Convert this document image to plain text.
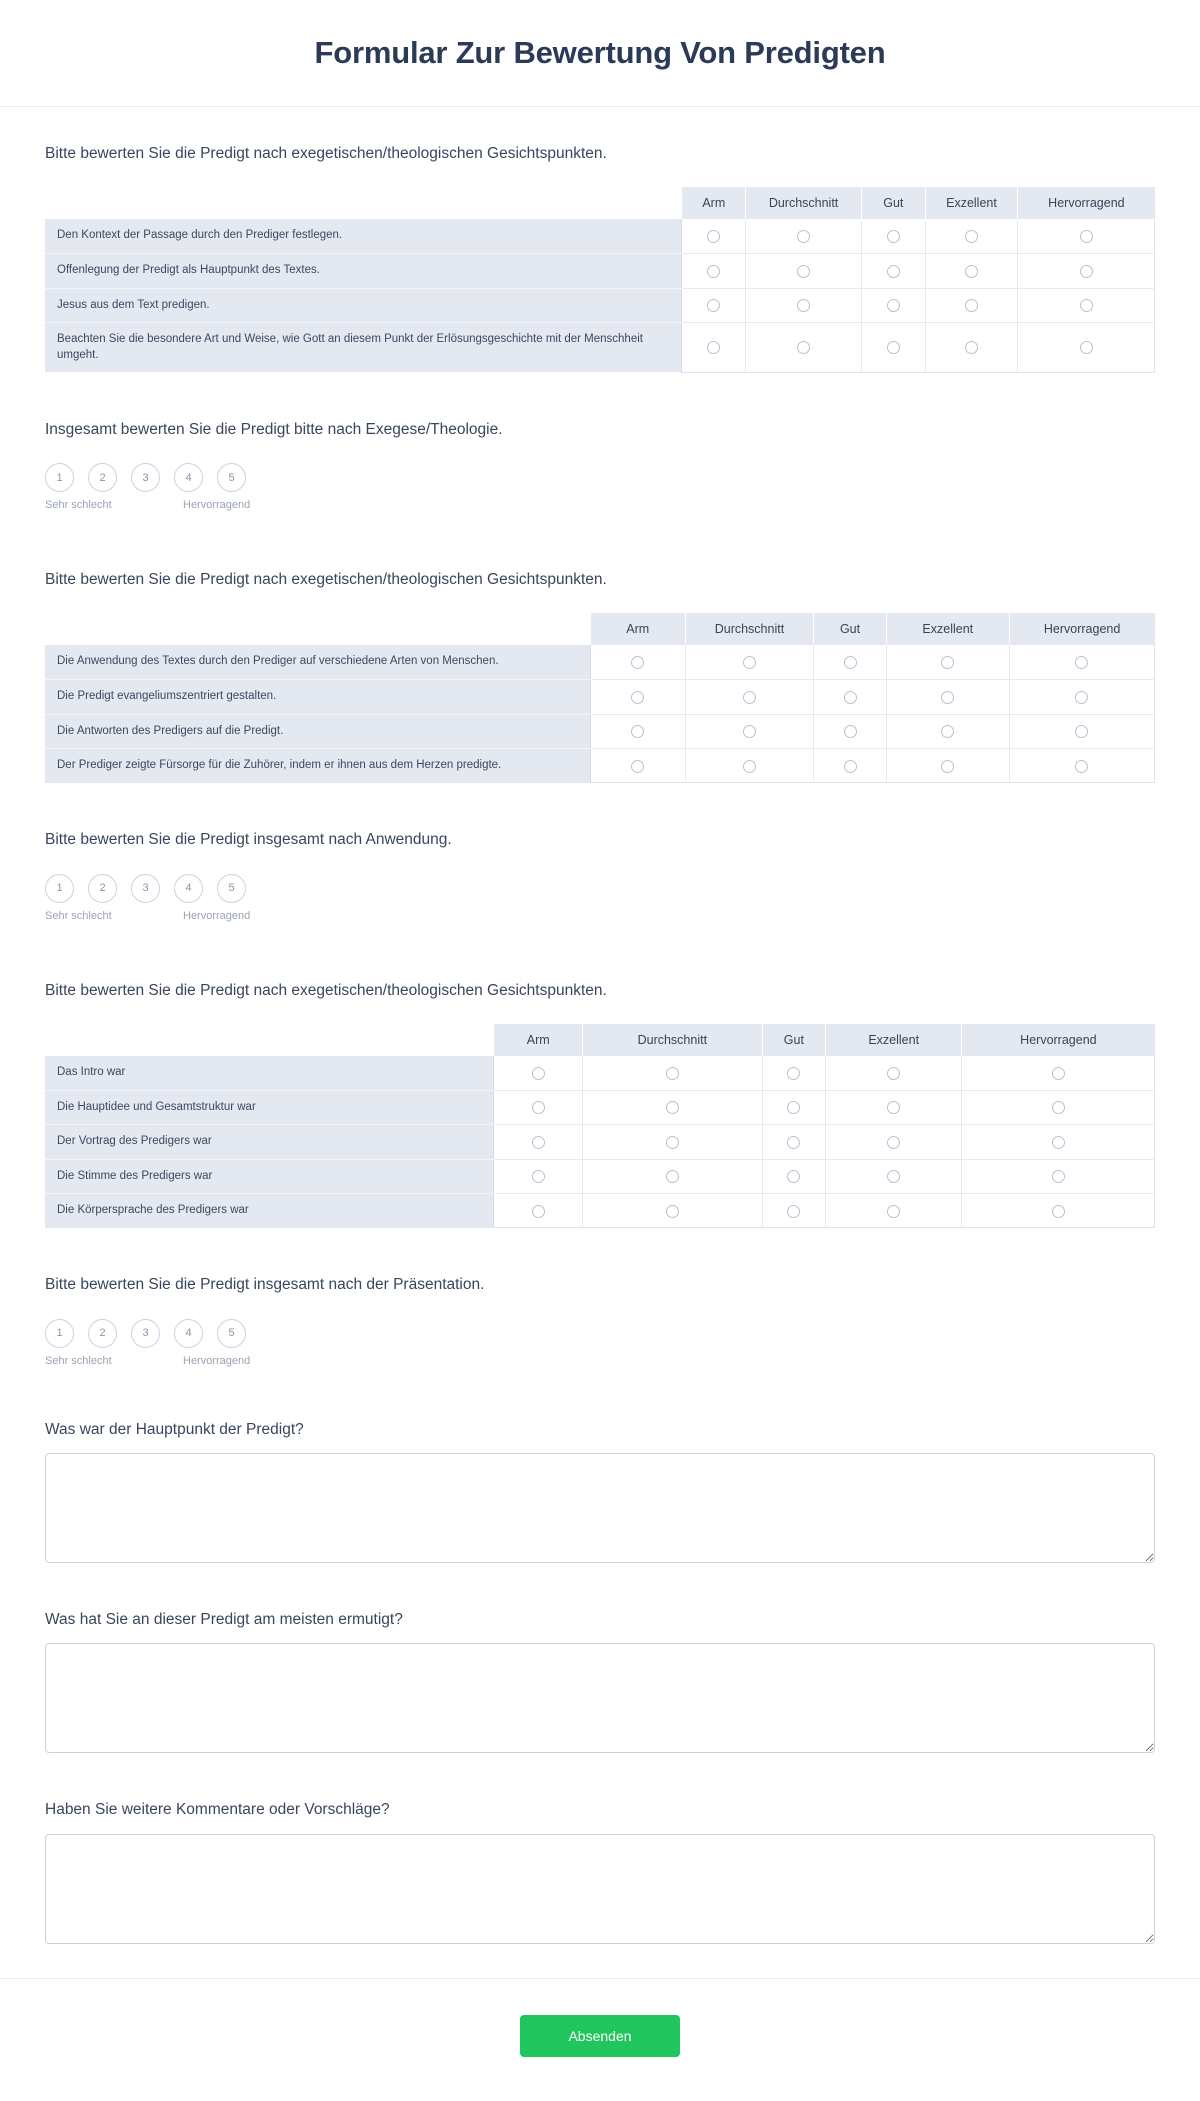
Formular Zur Bewertung Von Predigten

Bitte bewerten Sie die Predigt nach exegetischen/theologischen Gesichtspunkten.

	Arm	Durchschnitt	Gut	Exzellent	Hervorragend
Den Kontext der Passage durch den Prediger festlegen.					
Offenlegung der Predigt als Hauptpunkt des Textes.					
Jesus aus dem Text predigen.					
Beachten Sie die besondere Art und Weise, wie Gott an diesem Punkt der Erlösungsgeschichte mit der Menschheit umgeht.					

Insgesamt bewerten Sie die Predigt bitte nach Exegese/Theologie.

1	2	3	4	5
Sehr schlecht	Hervorragend

Bitte bewerten Sie die Predigt nach exegetischen/theologischen Gesichtspunkten.

	Arm	Durchschnitt	Gut	Exzellent	Hervorragend
Die Anwendung des Textes durch den Prediger auf verschiedene Arten von Menschen.					
Die Predigt evangeliumszentriert gestalten.					
Die Antworten des Predigers auf die Predigt.					
Der Prediger zeigte Fürsorge für die Zuhörer, indem er ihnen aus dem Herzen predigte.					

Bitte bewerten Sie die Predigt insgesamt nach Anwendung.

1	2	3	4	5
Sehr schlecht	Hervorragend

Bitte bewerten Sie die Predigt nach exegetischen/theologischen Gesichtspunkten.

	Arm	Durchschnitt	Gut	Exzellent	Hervorragend
Das Intro war					
Die Hauptidee und Gesamtstruktur war					
Der Vortrag des Predigers war					
Die Stimme des Predigers war					
Die Körpersprache des Predigers war					

Bitte bewerten Sie die Predigt insgesamt nach der Präsentation.

1	2	3	4	5
Sehr schlecht	Hervorragend

Was war der Hauptpunkt der Predigt?

Was hat Sie an dieser Predigt am meisten ermutigt?

Haben Sie weitere Kommentare oder Vorschläge?

Absenden
